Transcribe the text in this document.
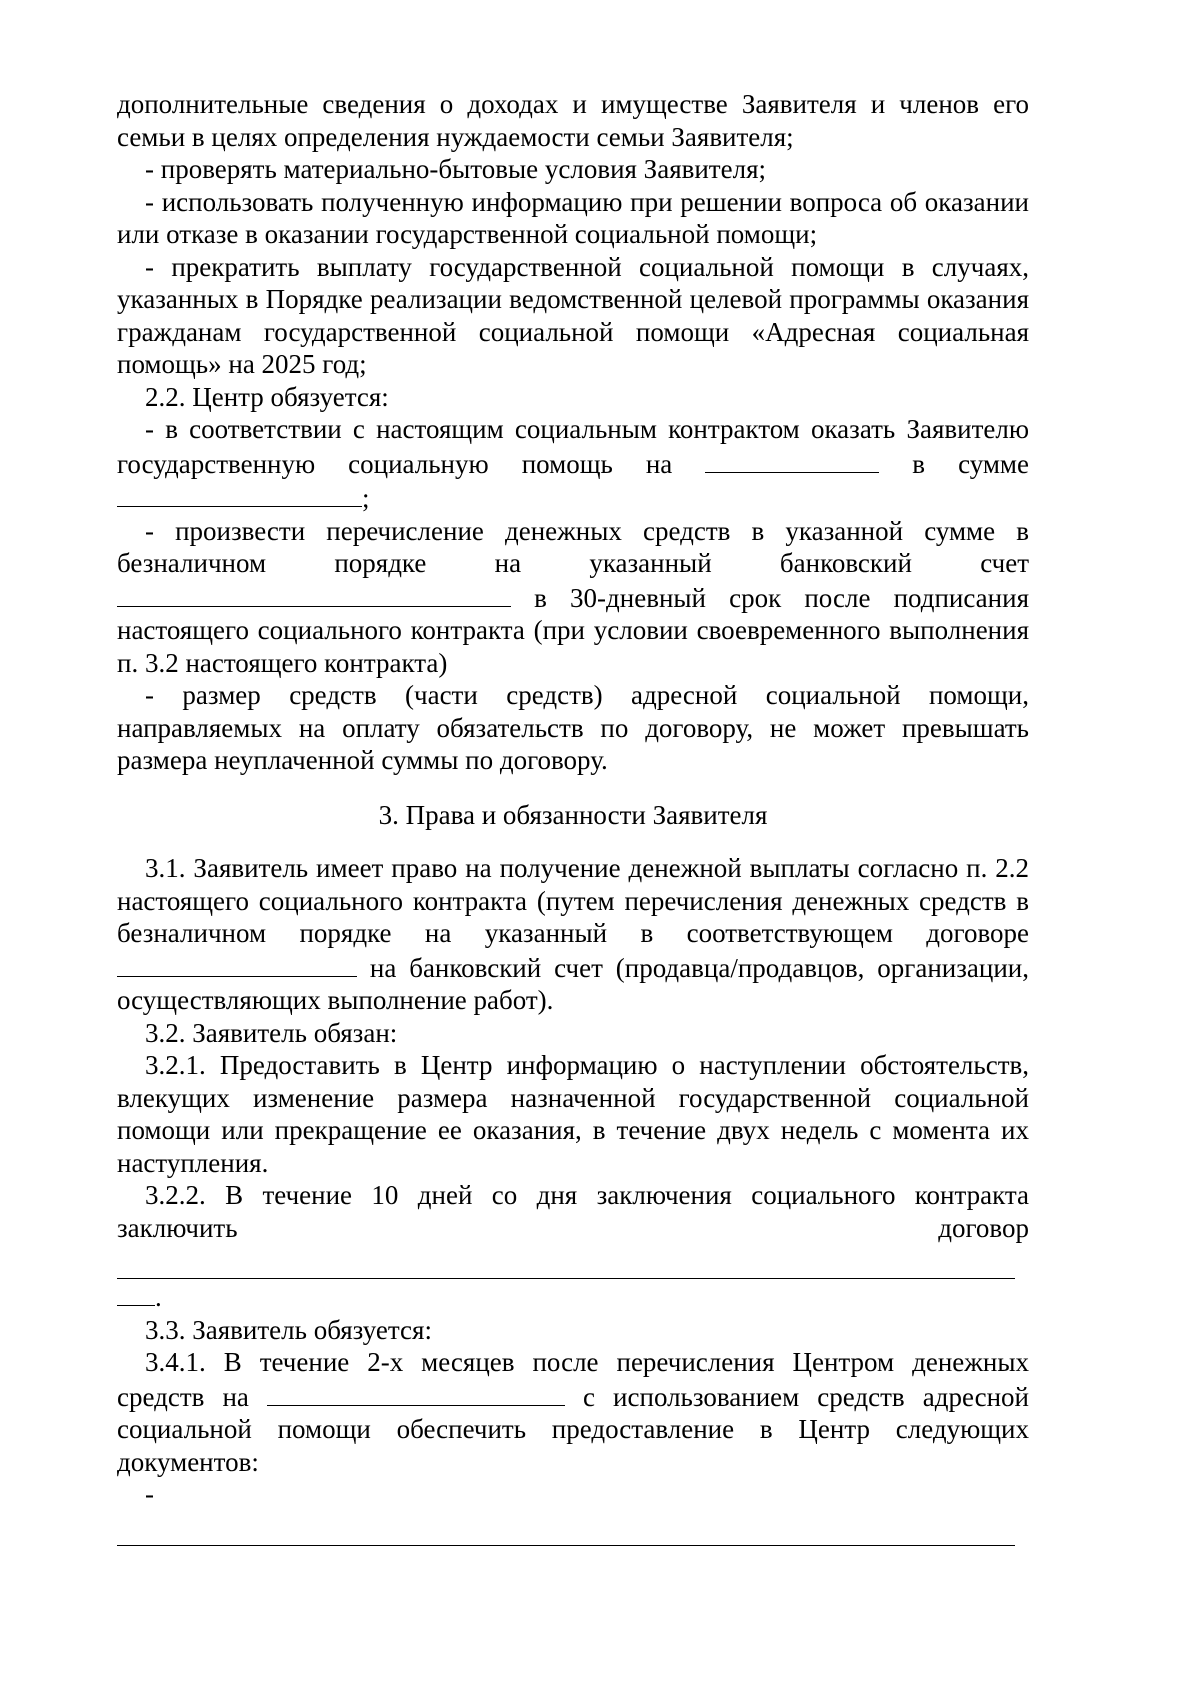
дополнительные сведения о доходах и имуществе Заявителя и членов его семьи в целях определения нуждаемости семьи Заявителя;

- проверять материально-бытовые условия Заявителя;

- использовать полученную информацию при решении вопроса об оказании или отказе в оказании государственной социальной помощи;

- прекратить выплату государственной социальной помощи в случаях, указанных в Порядке реализации ведомственной целевой программы оказания гражданам государственной социальной помощи «Адресная социальная помощь» на 2025 год;

2.2. Центр обязуется:

- в соответствии с настоящим социальным контрактом оказать Заявителю государственную социальную помощь на	в сумме ;

- произвести перечисление денежных средств в указанной сумме в безналичном порядке на указанный банковский счет  в 30-дневный срок после подписания настоящего социального контракта (при условии своевременного выполнения п. 3.2 настоящего контракта)

- размер средств (части средств) адресной социальной помощи, направляемых на оплату обязательств по договору, не может превышать размера неуплаченной суммы по договору.

3. Права и обязанности Заявителя

3.1. Заявитель имеет право на получение денежной выплаты согласно п. 2.2 настоящего социального контракта (путем перечисления денежных средств в безналичном порядке на указанный в соответствующем договоре  на банковский счет (продавца/продавцов, организации, осуществляющих выполнение работ).

3.2. Заявитель обязан:

3.2.1. Предоставить в Центр информацию о наступлении обстоятельств, влекущих изменение размера назначенной государственной социальной помощи или прекращение ее оказания, в течение двух недель с момента их наступления.

3.2.2. В течение 10 дней со дня заключения социального контракта заключить договор

.

3.3. Заявитель обязуется:

3.4.1. В течение 2-х месяцев после перечисления Центром денежных средств на	с использованием средств адресной социальной помощи обеспечить предоставление в Центр следующих документов:

-
